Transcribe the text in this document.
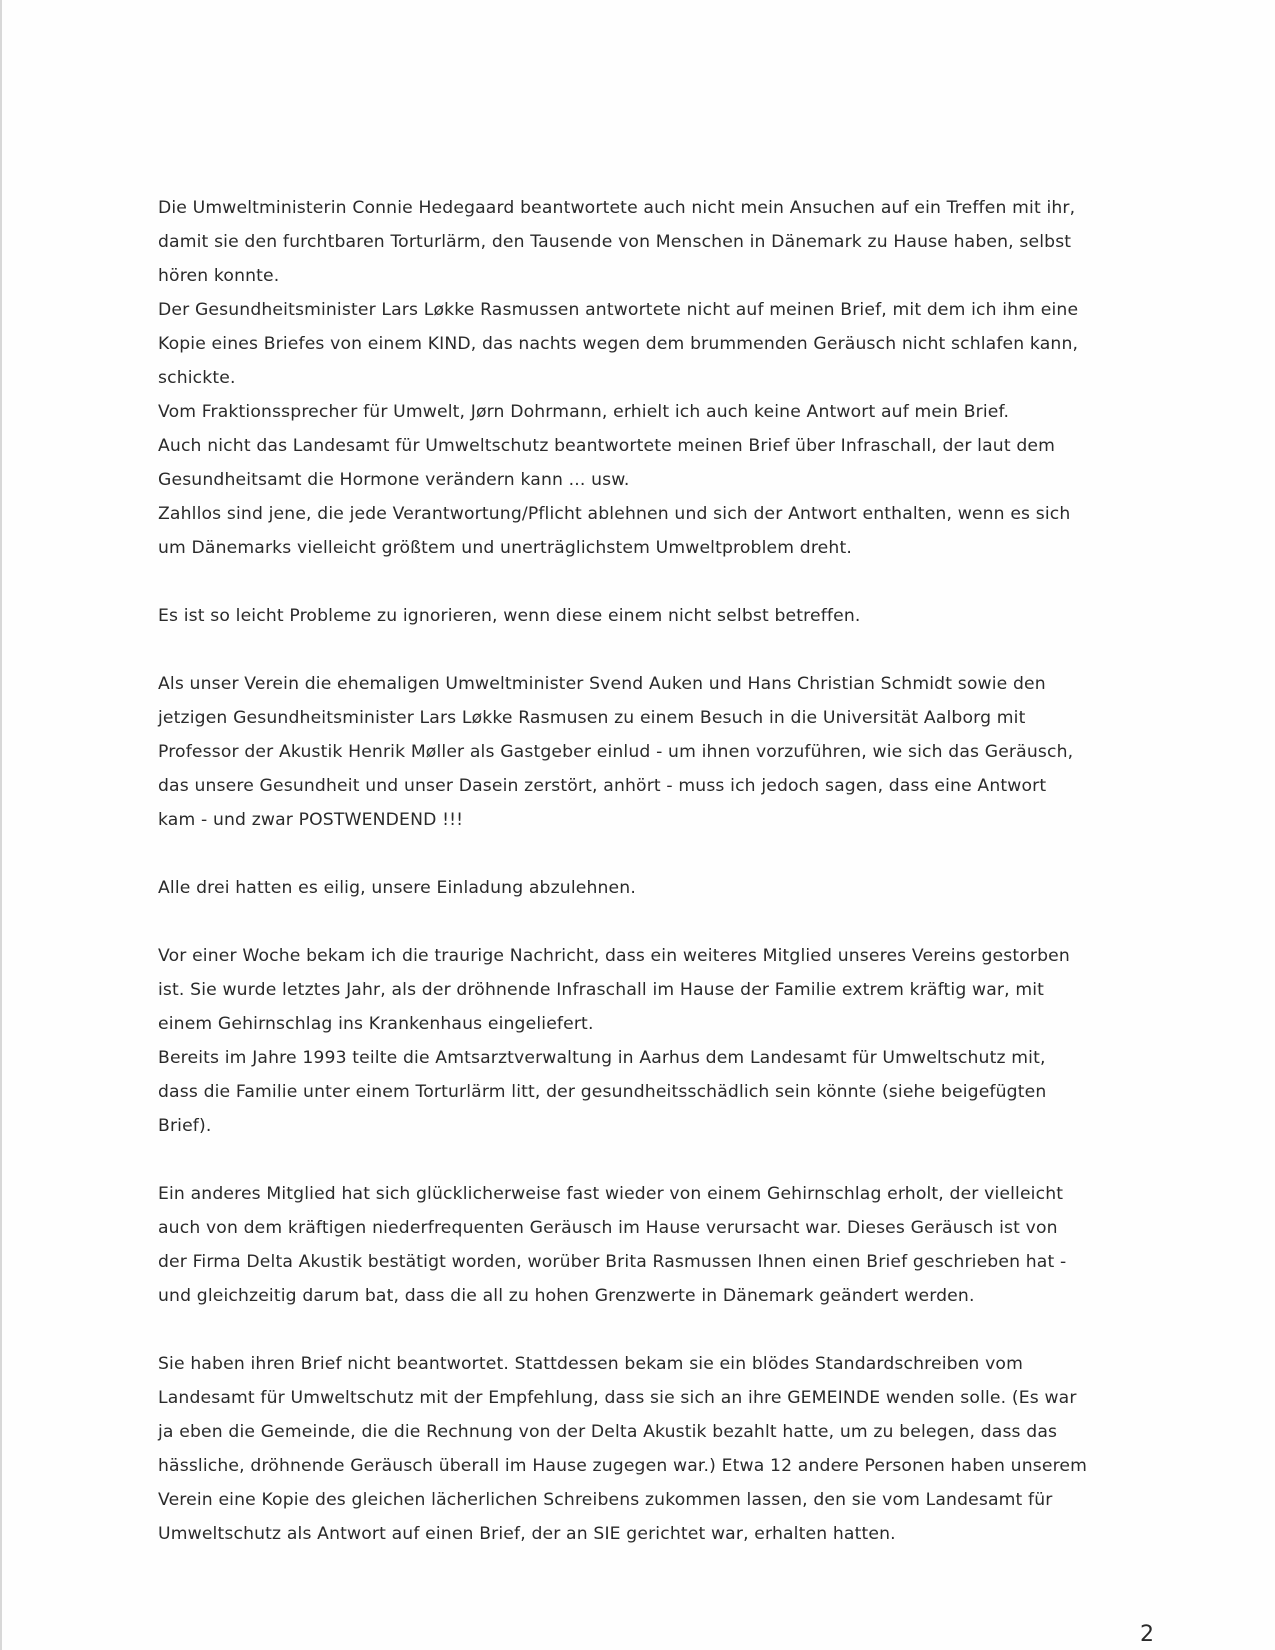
Die Umweltministerin Connie Hedegaard beantwortete auch nicht mein Ansuchen auf ein Treffen mit ihr,
damit sie den furchtbaren Torturlärm, den Tausende von Menschen in Dänemark zu Hause haben, selbst
hören konnte.
Der Gesundheitsminister Lars Løkke Rasmussen antwortete nicht auf meinen Brief, mit dem ich ihm eine
Kopie eines Briefes von einem KIND, das nachts wegen dem brummenden Geräusch nicht schlafen kann,
schickte.
Vom Fraktionssprecher für Umwelt, Jørn Dohrmann, erhielt ich auch keine Antwort auf mein Brief.
Auch nicht das Landesamt für Umweltschutz beantwortete meinen Brief über Infraschall, der laut dem
Gesundheitsamt die Hormone verändern kann ... usw.
Zahllos sind jene, die jede Verantwortung/Pflicht ablehnen und sich der Antwort enthalten, wenn es sich
um Dänemarks vielleicht größtem und unerträglichstem Umweltproblem dreht.
Es ist so leicht Probleme zu ignorieren, wenn diese einem nicht selbst betreffen.
Als unser Verein die ehemaligen Umweltminister Svend Auken und Hans Christian Schmidt sowie den
jetzigen Gesundheitsminister Lars Løkke Rasmusen zu einem Besuch in die Universität Aalborg mit
Professor der Akustik Henrik Møller als Gastgeber einlud - um ihnen vorzuführen, wie sich das Geräusch,
das unsere Gesundheit und unser Dasein zerstört, anhört - muss ich jedoch sagen, dass eine Antwort
kam - und zwar POSTWENDEND !!!
Alle drei hatten es eilig, unsere Einladung abzulehnen.
Vor einer Woche bekam ich die traurige Nachricht, dass ein weiteres Mitglied unseres Vereins gestorben
ist. Sie wurde letztes Jahr, als der dröhnende Infraschall im Hause der Familie extrem kräftig war, mit
einem Gehirnschlag ins Krankenhaus eingeliefert.
Bereits im Jahre 1993 teilte die Amtsarztverwaltung in Aarhus dem Landesamt für Umweltschutz mit,
dass die Familie unter einem Torturlärm litt, der gesundheitsschädlich sein könnte (siehe beigefügten
Brief).
Ein anderes Mitglied hat sich glücklicherweise fast wieder von einem Gehirnschlag erholt, der vielleicht
auch von dem kräftigen niederfrequenten Geräusch im Hause verursacht war. Dieses Geräusch ist von
der Firma Delta Akustik bestätigt worden, worüber Brita Rasmussen Ihnen einen Brief geschrieben hat -
und gleichzeitig darum bat, dass die all zu hohen Grenzwerte in Dänemark geändert werden.
Sie haben ihren Brief nicht beantwortet. Stattdessen bekam sie ein blödes Standardschreiben vom
Landesamt für Umweltschutz mit der Empfehlung, dass sie sich an ihre GEMEINDE wenden solle. (Es war
ja eben die Gemeinde, die die Rechnung von der Delta Akustik bezahlt hatte, um zu belegen, dass das
hässliche, dröhnende Geräusch überall im Hause zugegen war.) Etwa 12 andere Personen haben unserem
Verein eine Kopie des gleichen lächerlichen Schreibens zukommen lassen, den sie vom Landesamt für
Umweltschutz als Antwort auf einen Brief, der an SIE gerichtet war, erhalten hatten.
2
